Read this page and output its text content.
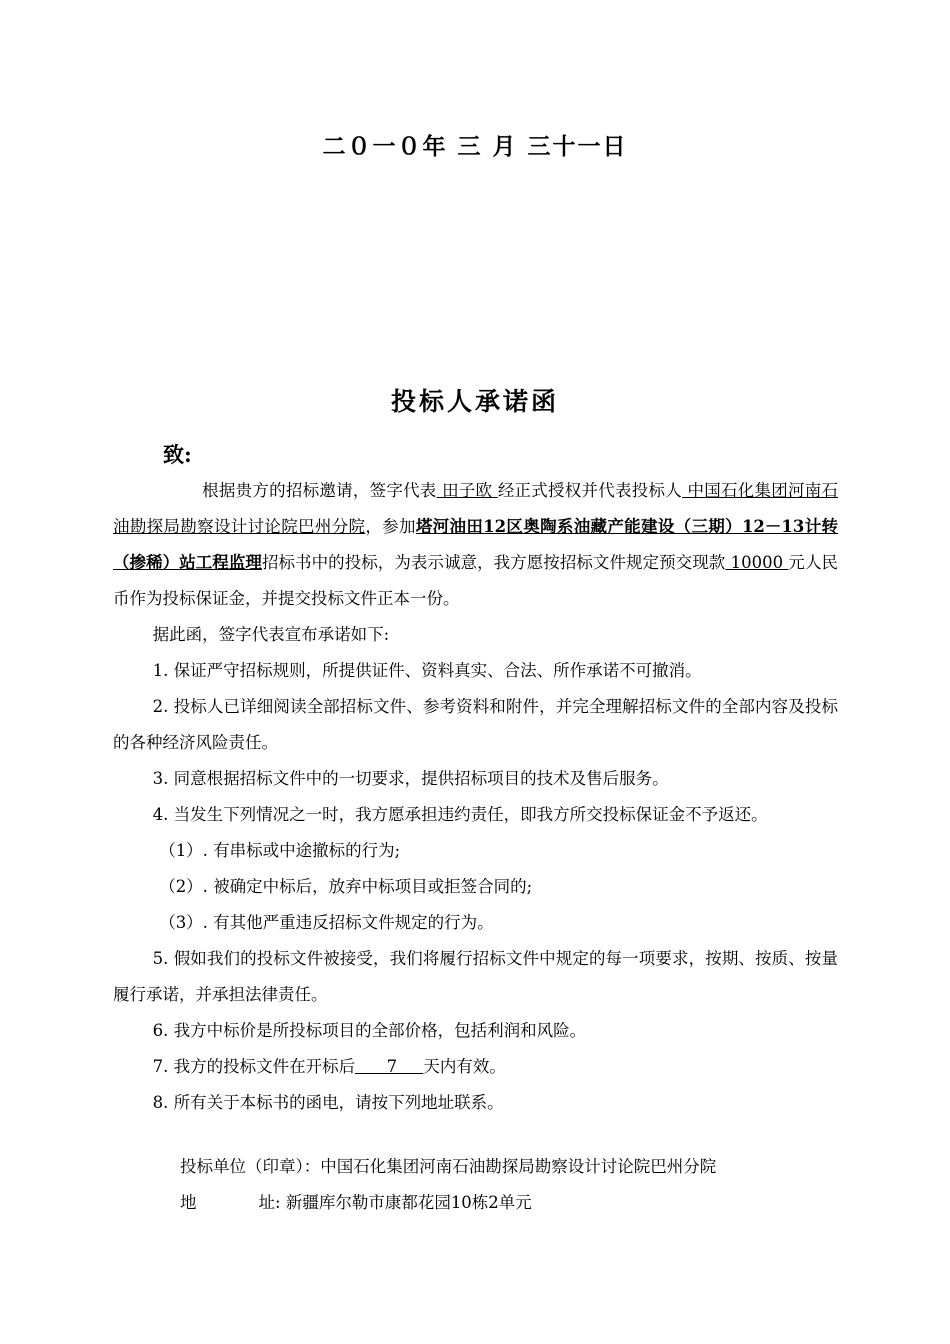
二０一０年 三 月 三十一日
投标人承诺函
致:

根据贵方的招标邀请，签字代表 田子欧 经正式授权并代表投标人 中国石化集团河南石油勘探局勘察设计讨论院巴州分院，参加塔河油田12区奥陶系油藏产能建设（三期）12－13计转（掺稀）站工程监理招标书中的投标，为表示诚意，我方愿按招标文件规定预交现款 10000 元人民币作为投标保证金，并提交投标文件正本一份。

据此函，签字代表宣布承诺如下:

1. 保证严守招标规则，所提供证件、资料真实、合法、所作承诺不可撤消。

2. 投标人已详细阅读全部招标文件、参考资料和附件，并完全理解招标文件的全部内容及投标的各种经济风险责任。

3. 同意根据招标文件中的一切要求，提供招标项目的技术及售后服务。

4. 当发生下列情况之一时，我方愿承担违约责任，即我方所交投标保证金不予返还。

（1）. 有串标或中途撤标的行为;

（2）. 被确定中标后，放弃中标项目或拒签合同的;

（3）. 有其他严重违反招标文件规定的行为。

5. 假如我们的投标文件被接受，我们将履行招标文件中规定的每一项要求，按期、按质、按量履行承诺，并承担法律责任。

6. 我方中标价是所投标项目的全部价格，包括利润和风险。

7. 我方的投标文件在开标后 7 天内有效。

8. 所有关于本标书的函电，请按下列地址联系。

投标单位（印章）：中国石化集团河南石油勘探局勘察设计讨论院巴州分院
地	址: 新疆库尔勒市康都花园10栋2单元
